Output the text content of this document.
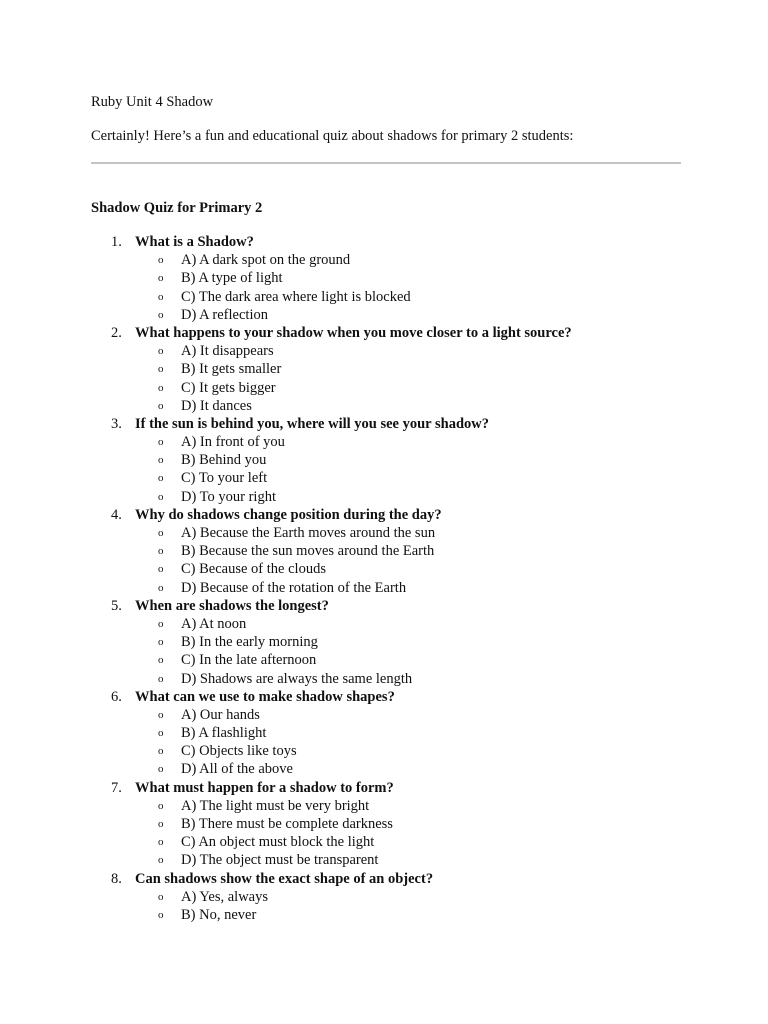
Ruby Unit 4 Shadow

Certainly! Here’s a fun and educational quiz about shadows for primary 2 students:

Shadow Quiz for Primary 2

1. What is a Shadow?
o A) A dark spot on the ground
o B) A type of light
o C) The dark area where light is blocked
o D) A reflection
2. What happens to your shadow when you move closer to a light source?
o A) It disappears
o B) It gets smaller
o C) It gets bigger
o D) It dances
3. If the sun is behind you, where will you see your shadow?
o A) In front of you
o B) Behind you
o C) To your left
o D) To your right
4. Why do shadows change position during the day?
o A) Because the Earth moves around the sun
o B) Because the sun moves around the Earth
o C) Because of the clouds
o D) Because of the rotation of the Earth
5. When are shadows the longest?
o A) At noon
o B) In the early morning
o C) In the late afternoon
o D) Shadows are always the same length
6. What can we use to make shadow shapes?
o A) Our hands
o B) A flashlight
o C) Objects like toys
o D) All of the above
7. What must happen for a shadow to form?
o A) The light must be very bright
o B) There must be complete darkness
o C) An object must block the light
o D) The object must be transparent
8. Can shadows show the exact shape of an object?
o A) Yes, always
o B) No, never
